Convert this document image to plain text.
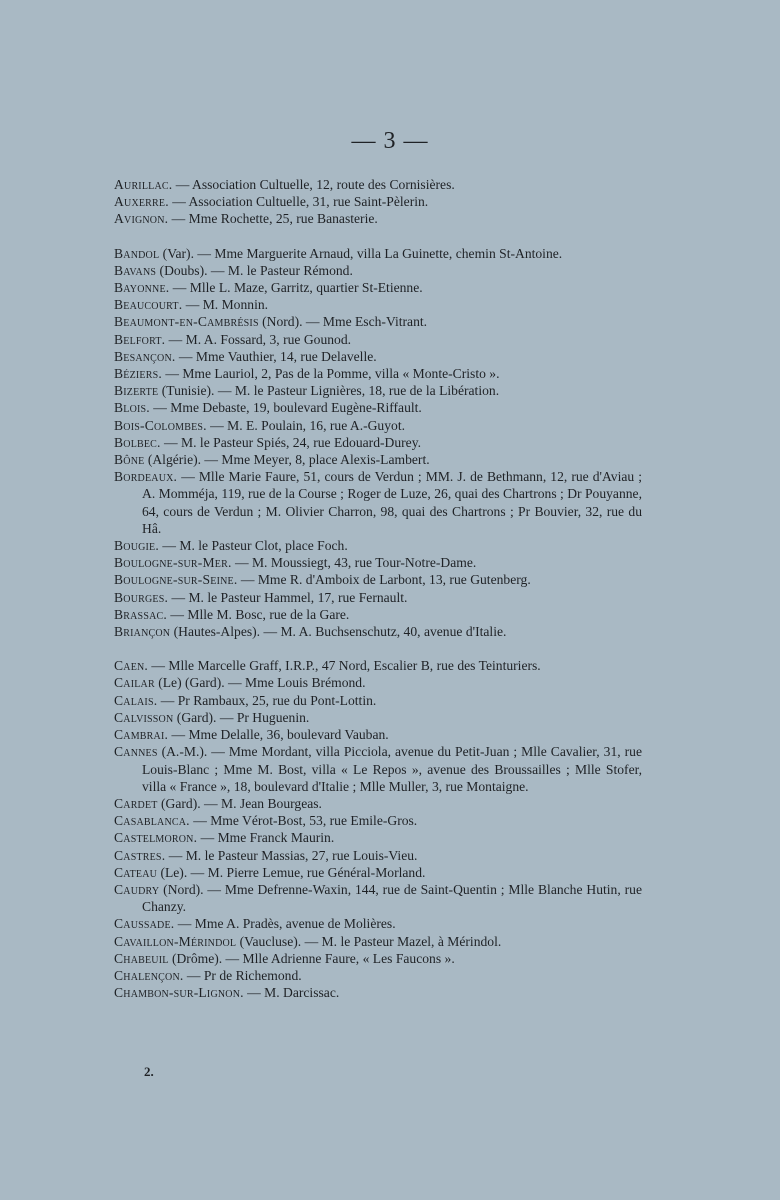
— 3 —

Aurillac. — Association Cultuelle, 12, route des Cornisières.

Auxerre. — Association Cultuelle, 31, rue Saint-Pèlerin.

Avignon. — Mme Rochette, 25, rue Banasterie.

Bandol (Var). — Mme Marguerite Arnaud, villa La Guinette, chemin St-Antoine.

Bavans (Doubs). — M. le Pasteur Rémond.

Bayonne. — Mlle L. Maze, Garritz, quartier St-Etienne.

Beaucourt. — M. Monnin.

Beaumont-en-Cambrésis (Nord). — Mme Esch-Vitrant.

Belfort. — M. A. Fossard, 3, rue Gounod.

Besançon. — Mme Vauthier, 14, rue Delavelle.

Béziers. — Mme Lauriol, 2, Pas de la Pomme, villa « Monte-Cristo ».

Bizerte (Tunisie). — M. le Pasteur Lignières, 18, rue de la Libération.

Blois. — Mme Debaste, 19, boulevard Eugène-Riffault.

Bois-Colombes. — M. E. Poulain, 16, rue A.-Guyot.

Bolbec. — M. le Pasteur Spiés, 24, rue Edouard-Durey.

Bône (Algérie). — Mme Meyer, 8, place Alexis-Lambert.

Bordeaux. — Mlle Marie Faure, 51, cours de Verdun ; MM. J. de Bethmann, 12, rue d'Aviau ; A. Momméja, 119, rue de la Course ; Roger de Luze, 26, quai des Chartrons ; Dr Pouyanne, 64, cours de Verdun ; M. Olivier Charron, 98, quai des Chartrons ; Pr Bouvier, 32, rue du Hâ.

Bougie. — M. le Pasteur Clot, place Foch.

Boulogne-sur-Mer. — M. Moussiegt, 43, rue Tour-Notre-Dame.

Boulogne-sur-Seine. — Mme R. d'Amboix de Larbont, 13, rue Gutenberg.

Bourges. — M. le Pasteur Hammel, 17, rue Fernault.

Brassac. — Mlle M. Bosc, rue de la Gare.

Briançon (Hautes-Alpes). — M. A. Buchsenschutz, 40, avenue d'Italie.

Caen. — Mlle Marcelle Graff, I.R.P., 47 Nord, Escalier B, rue des Teinturiers.

Cailar (Le) (Gard). — Mme Louis Brémond.

Calais. — Pr Rambaux, 25, rue du Pont-Lottin.

Calvisson (Gard). — Pr Huguenin.

Cambrai. — Mme Delalle, 36, boulevard Vauban.

Cannes (A.-M.). — Mme Mordant, villa Picciola, avenue du Petit-Juan ; Mlle Cavalier, 31, rue Louis-Blanc ; Mme M. Bost, villa « Le Repos », avenue des Broussailles ; Mlle Stofer, villa « France », 18, boulevard d'Italie ; Mlle Muller, 3, rue Montaigne.

Cardet (Gard). — M. Jean Bourgeas.

Casablanca. — Mme Vérot-Bost, 53, rue Emile-Gros.

Castelmoron. — Mme Franck Maurin.

Castres. — M. le Pasteur Massias, 27, rue Louis-Vieu.

Cateau (Le). — M. Pierre Lemue, rue Général-Morland.

Caudry (Nord). — Mme Defrenne-Waxin, 144, rue de Saint-Quentin ; Mlle Blanche Hutin, rue Chanzy.

Caussade. — Mme A. Pradès, avenue de Molières.

Cavaillon-Mérindol (Vaucluse). — M. le Pasteur Mazel, à Mérindol.

Chabeuil (Drôme). — Mlle Adrienne Faure, « Les Faucons ».

Chalençon. — Pr de Richemond.

Chambon-sur-Lignon. — M. Darcissac.

2.
